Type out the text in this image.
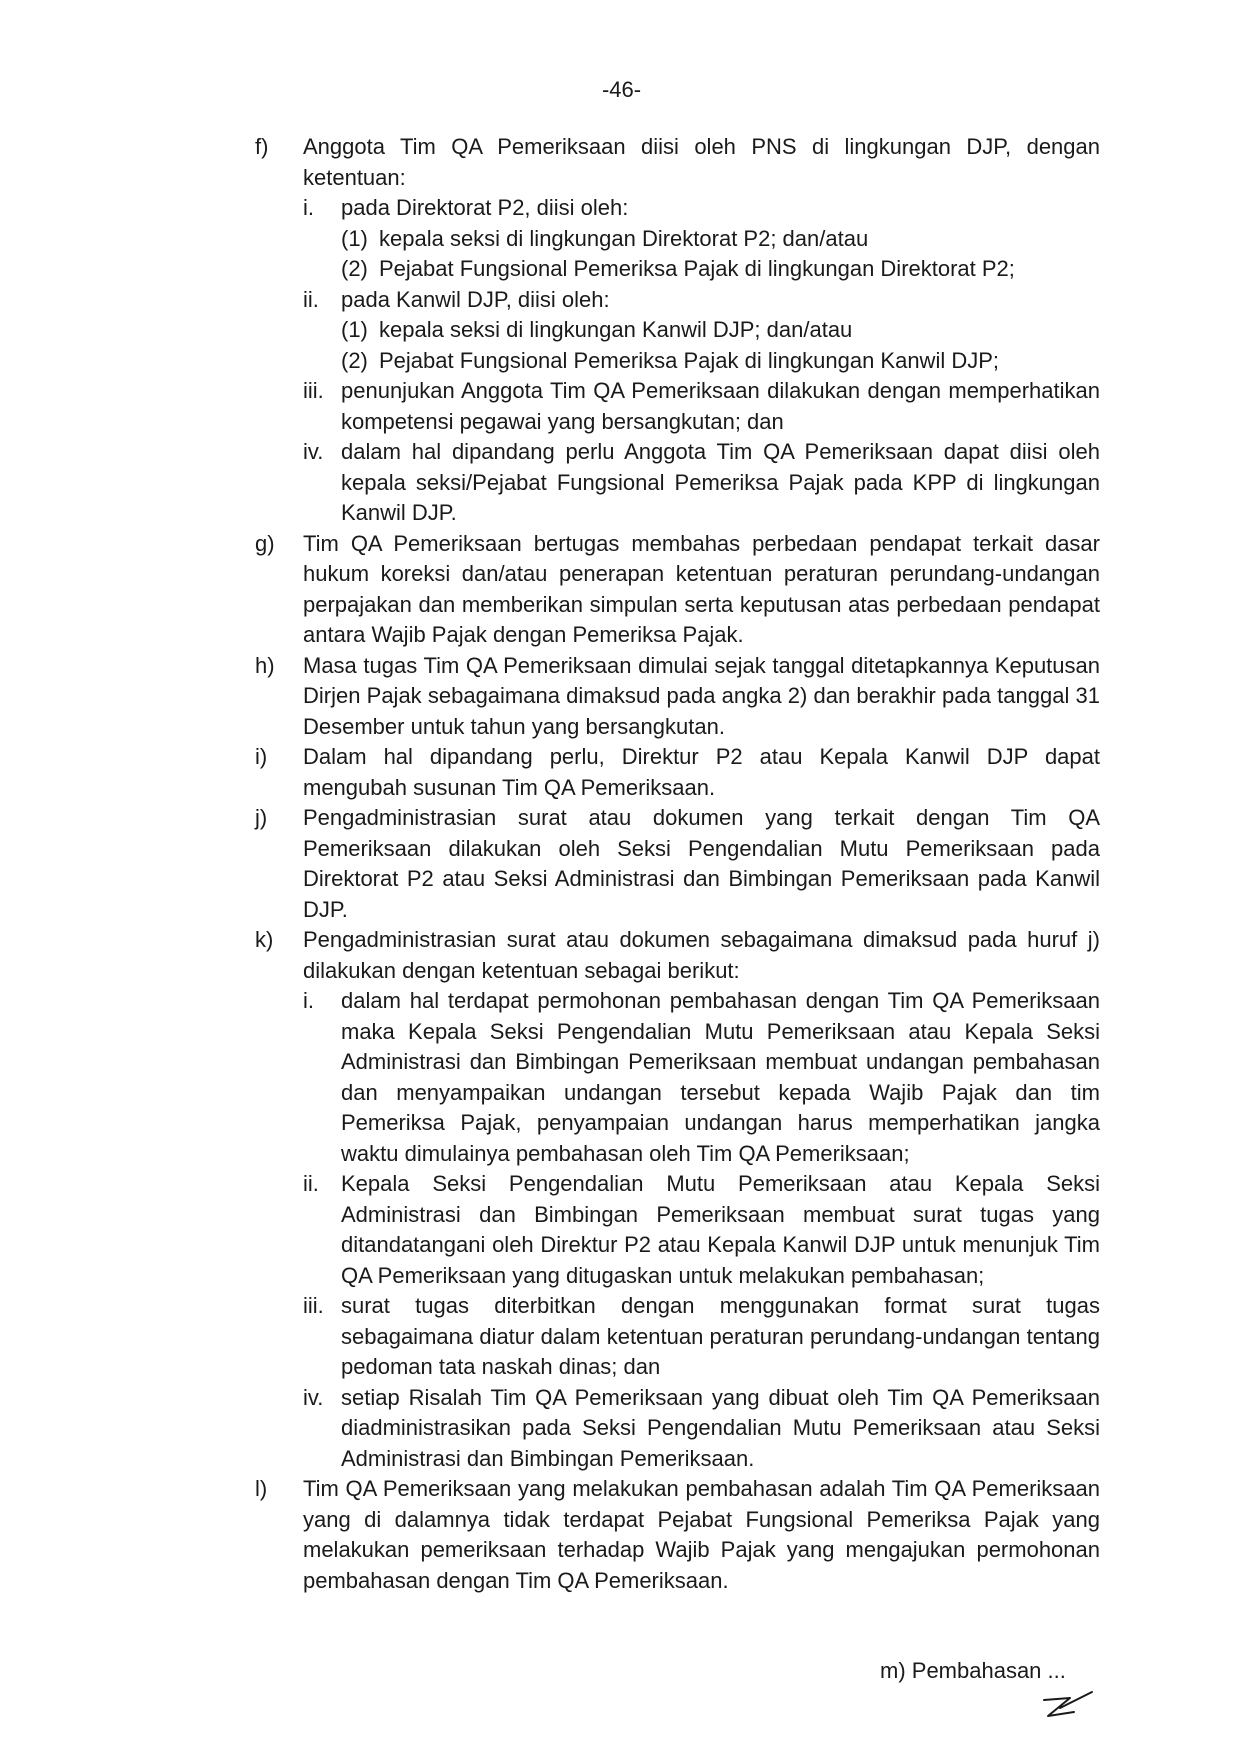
-46-
f) Anggota Tim QA Pemeriksaan diisi oleh PNS di lingkungan DJP, dengan ketentuan:
i. pada Direktorat P2, diisi oleh:
(1) kepala seksi di lingkungan Direktorat P2; dan/atau
(2) Pejabat Fungsional Pemeriksa Pajak di lingkungan Direktorat P2;
ii. pada Kanwil DJP, diisi oleh:
(1) kepala seksi di lingkungan Kanwil DJP; dan/atau
(2) Pejabat Fungsional Pemeriksa Pajak di lingkungan Kanwil DJP;
iii. penunjukan Anggota Tim QA Pemeriksaan dilakukan dengan memperhatikan kompetensi pegawai yang bersangkutan; dan
iv. dalam hal dipandang perlu Anggota Tim QA Pemeriksaan dapat diisi oleh kepala seksi/Pejabat Fungsional Pemeriksa Pajak pada KPP di lingkungan Kanwil DJP.
g) Tim QA Pemeriksaan bertugas membahas perbedaan pendapat terkait dasar hukum koreksi dan/atau penerapan ketentuan peraturan perundang-undangan perpajakan dan memberikan simpulan serta keputusan atas perbedaan pendapat antara Wajib Pajak dengan Pemeriksa Pajak.
h) Masa tugas Tim QA Pemeriksaan dimulai sejak tanggal ditetapkannya Keputusan Dirjen Pajak sebagaimana dimaksud pada angka 2) dan berakhir pada tanggal 31 Desember untuk tahun yang bersangkutan.
i) Dalam hal dipandang perlu, Direktur P2 atau Kepala Kanwil DJP dapat mengubah susunan Tim QA Pemeriksaan.
j) Pengadministrasian surat atau dokumen yang terkait dengan Tim QA Pemeriksaan dilakukan oleh Seksi Pengendalian Mutu Pemeriksaan pada Direktorat P2 atau Seksi Administrasi dan Bimbingan Pemeriksaan pada Kanwil DJP.
k) Pengadministrasian surat atau dokumen sebagaimana dimaksud pada huruf j) dilakukan dengan ketentuan sebagai berikut:
i. dalam hal terdapat permohonan pembahasan dengan Tim QA Pemeriksaan maka Kepala Seksi Pengendalian Mutu Pemeriksaan atau Kepala Seksi Administrasi dan Bimbingan Pemeriksaan membuat undangan pembahasan dan menyampaikan undangan tersebut kepada Wajib Pajak dan tim Pemeriksa Pajak, penyampaian undangan harus memperhatikan jangka waktu dimulainya pembahasan oleh Tim QA Pemeriksaan;
ii. Kepala Seksi Pengendalian Mutu Pemeriksaan atau Kepala Seksi Administrasi dan Bimbingan Pemeriksaan membuat surat tugas yang ditandatangani oleh Direktur P2 atau Kepala Kanwil DJP untuk menunjuk Tim QA Pemeriksaan yang ditugaskan untuk melakukan pembahasan;
iii. surat tugas diterbitkan dengan menggunakan format surat tugas sebagaimana diatur dalam ketentuan peraturan perundang-undangan tentang pedoman tata naskah dinas; dan
iv. setiap Risalah Tim QA Pemeriksaan yang dibuat oleh Tim QA Pemeriksaan diadministrasikan pada Seksi Pengendalian Mutu Pemeriksaan atau Seksi Administrasi dan Bimbingan Pemeriksaan.
l) Tim QA Pemeriksaan yang melakukan pembahasan adalah Tim QA Pemeriksaan yang di dalamnya tidak terdapat Pejabat Fungsional Pemeriksa Pajak yang melakukan pemeriksaan terhadap Wajib Pajak yang mengajukan permohonan pembahasan dengan Tim QA Pemeriksaan.
m) Pembahasan ...
